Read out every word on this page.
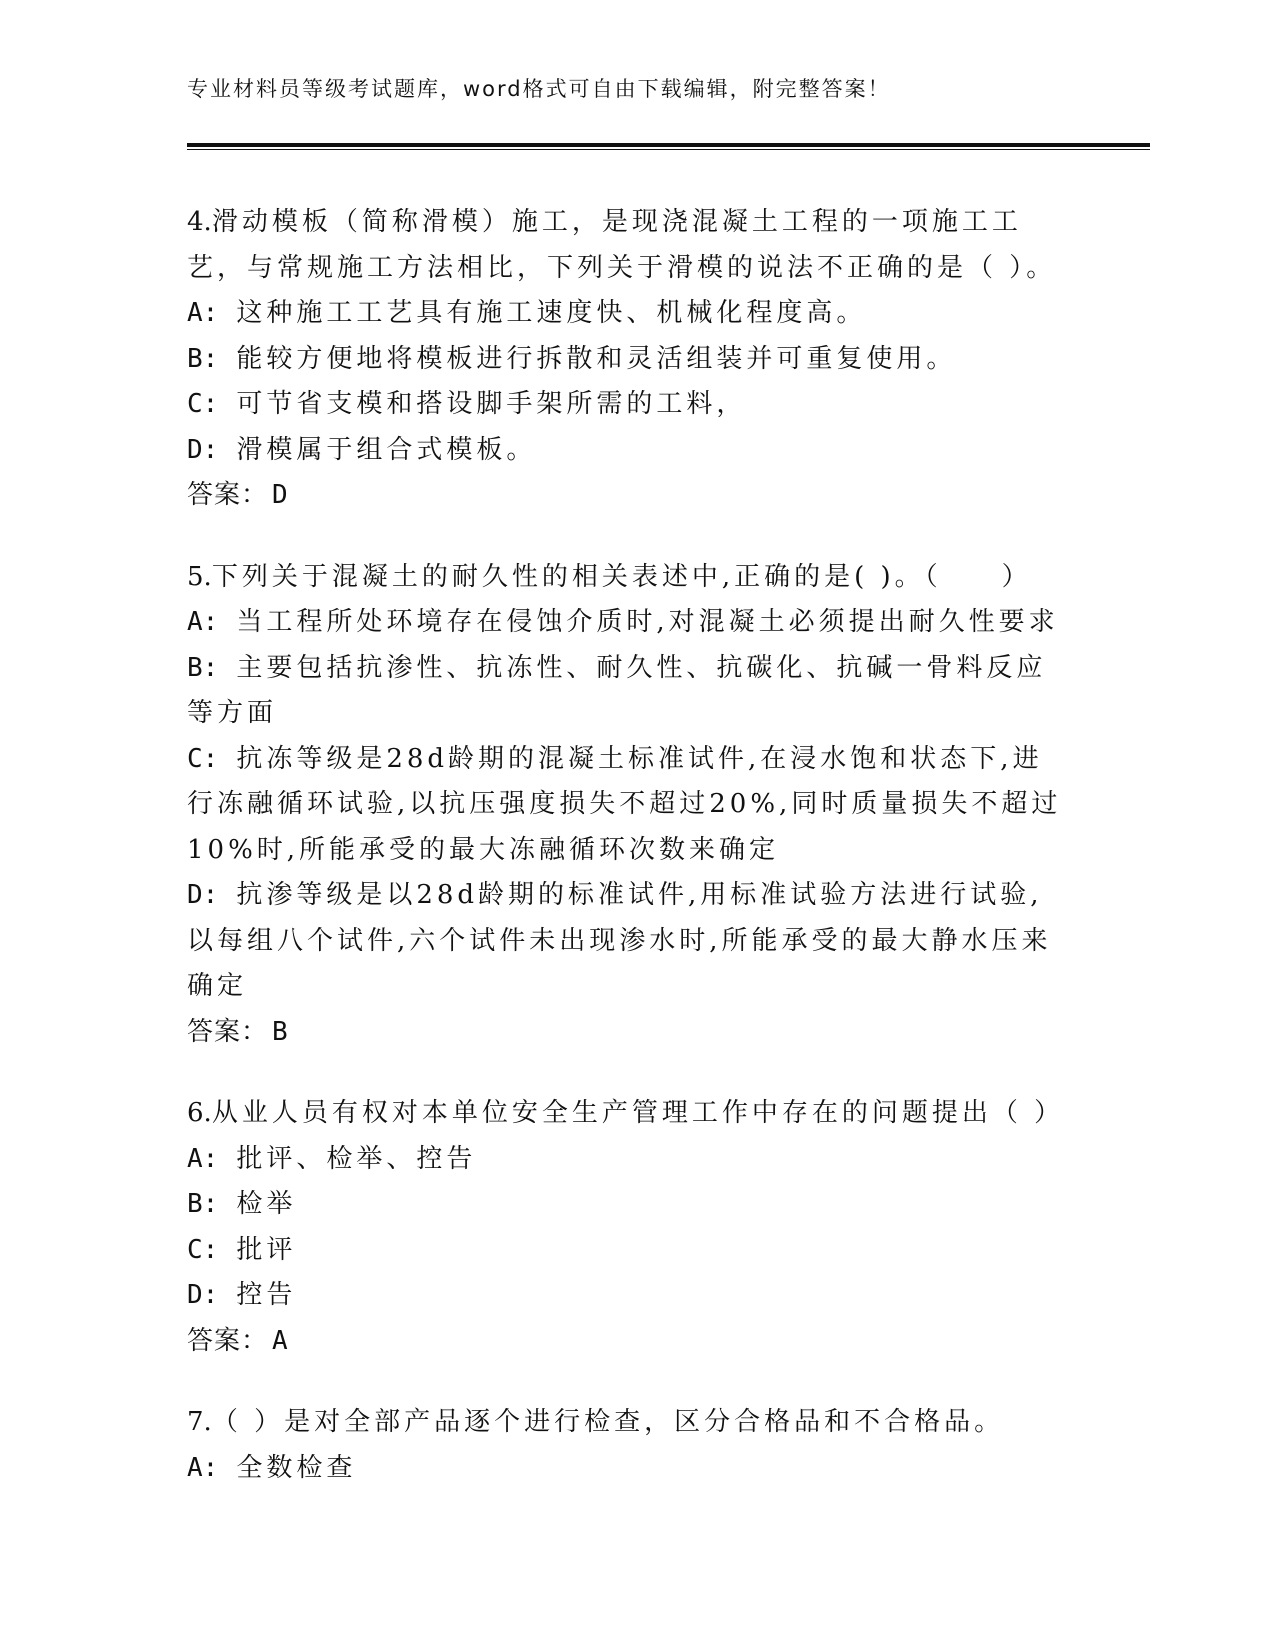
专业材料员等级考试题库，word格式可自由下载编辑，附完整答案！
4.滑动模板（简称滑模）施工，是现浇混凝土工程的一项施工工艺，与常规施工方法相比，下列关于滑模的说法不正确的是（ ）。
A: 这种施工工艺具有施工速度快、机械化程度高。
B: 能较方便地将模板进行拆散和灵活组装并可重复使用。
C: 可节省支模和搭设脚手架所需的工料，
D: 滑模属于组合式模板。
答案： D
5.下列关于混凝土的耐久性的相关表述中,正确的是( )。（　　）
A: 当工程所处环境存在侵蚀介质时,对混凝土必须提出耐久性要求
B: 主要包括抗渗性、抗冻性、耐久性、抗碳化、抗碱一骨料反应等方面
C: 抗冻等级是28d龄期的混凝土标准试件,在浸水饱和状态下,进行冻融循环试验,以抗压强度损失不超过20%,同时质量损失不超过10%时,所能承受的最大冻融循环次数来确定
D: 抗渗等级是以28d龄期的标准试件,用标准试验方法进行试验,以每组八个试件,六个试件未出现渗水时,所能承受的最大静水压来确定
答案： B
6.从业人员有权对本单位安全生产管理工作中存在的问题提出（ ）
A: 批评、检举、控告
B: 检举
C: 批评
D: 控告
答案： A
7.（ ）是对全部产品逐个进行检查，区分合格品和不合格品。
A: 全数检查
